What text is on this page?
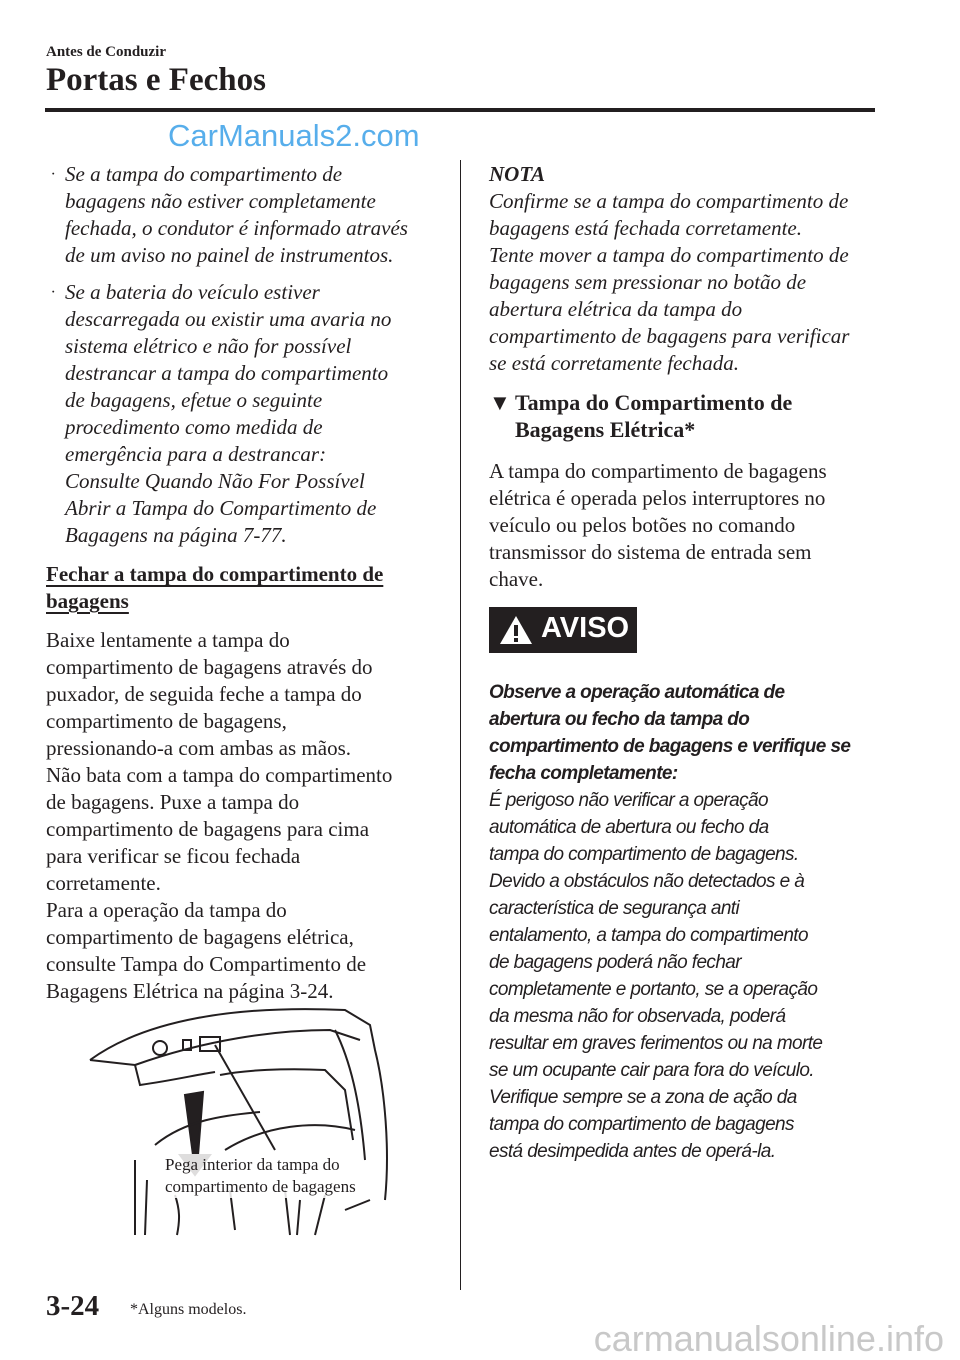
Antes de Conduzir
Portas e Fechos
CarManuals2.com
· Se a tampa do compartimento de
bagagens não estiver completamente
fechada, o condutor é informado através
de um aviso no painel de instrumentos.
· Se a bateria do veículo estiver
descarregada ou existir uma avaria no
sistema elétrico e não for possível
destrancar a tampa do compartimento
de bagagens, efetue o seguinte
procedimento como medida de
emergência para a destrancar:
Consulte Quando Não For Possível
Abrir a Tampa do Compartimento de
Bagagens na página 7-77.
Fechar a tampa do compartimento de
bagagens
Baixe lentamente a tampa do
compartimento de bagagens através do
puxador, de seguida feche a tampa do
compartimento de bagagens,
pressionando-a com ambas as mãos.
Não bata com a tampa do compartimento
de bagagens. Puxe a tampa do
compartimento de bagagens para cima
para verificar se ficou fechada
corretamente.
Para a operação da tampa do
compartimento de bagagens elétrica,
consulte Tampa do Compartimento de
Bagagens Elétrica na página 3-24.
Pega interior da tampa do
compartimento de bagagens
NOTA
Confirme se a tampa do compartimento de
bagagens está fechada corretamente.
Tente mover a tampa do compartimento de
bagagens sem pressionar no botão de
abertura elétrica da tampa do
compartimento de bagagens para verificar
se está corretamente fechada.
▼ Tampa do Compartimento de
Bagagens Elétrica*
A tampa do compartimento de bagagens
elétrica é operada pelos interruptores no
veículo ou pelos botões no comando
transmissor do sistema de entrada sem
chave.
AVISO
Observe a operação automática de
abertura ou fecho da tampa do
compartimento de bagagens e verifique se
fecha completamente:
É perigoso não verificar a operação
automática de abertura ou fecho da
tampa do compartimento de bagagens.
Devido a obstáculos não detectados e à
característica de segurança anti
entalamento, a tampa do compartimento
de bagagens poderá não fechar
completamente e portanto, se a operação
da mesma não for observada, poderá
resultar em graves ferimentos ou na morte
se um ocupante cair para fora do veículo.
Verifique sempre se a zona de ação da
tampa do compartimento de bagagens
está desimpedida antes de operá-la.
3-24 *Alguns modelos.
carmanualsonline.info
